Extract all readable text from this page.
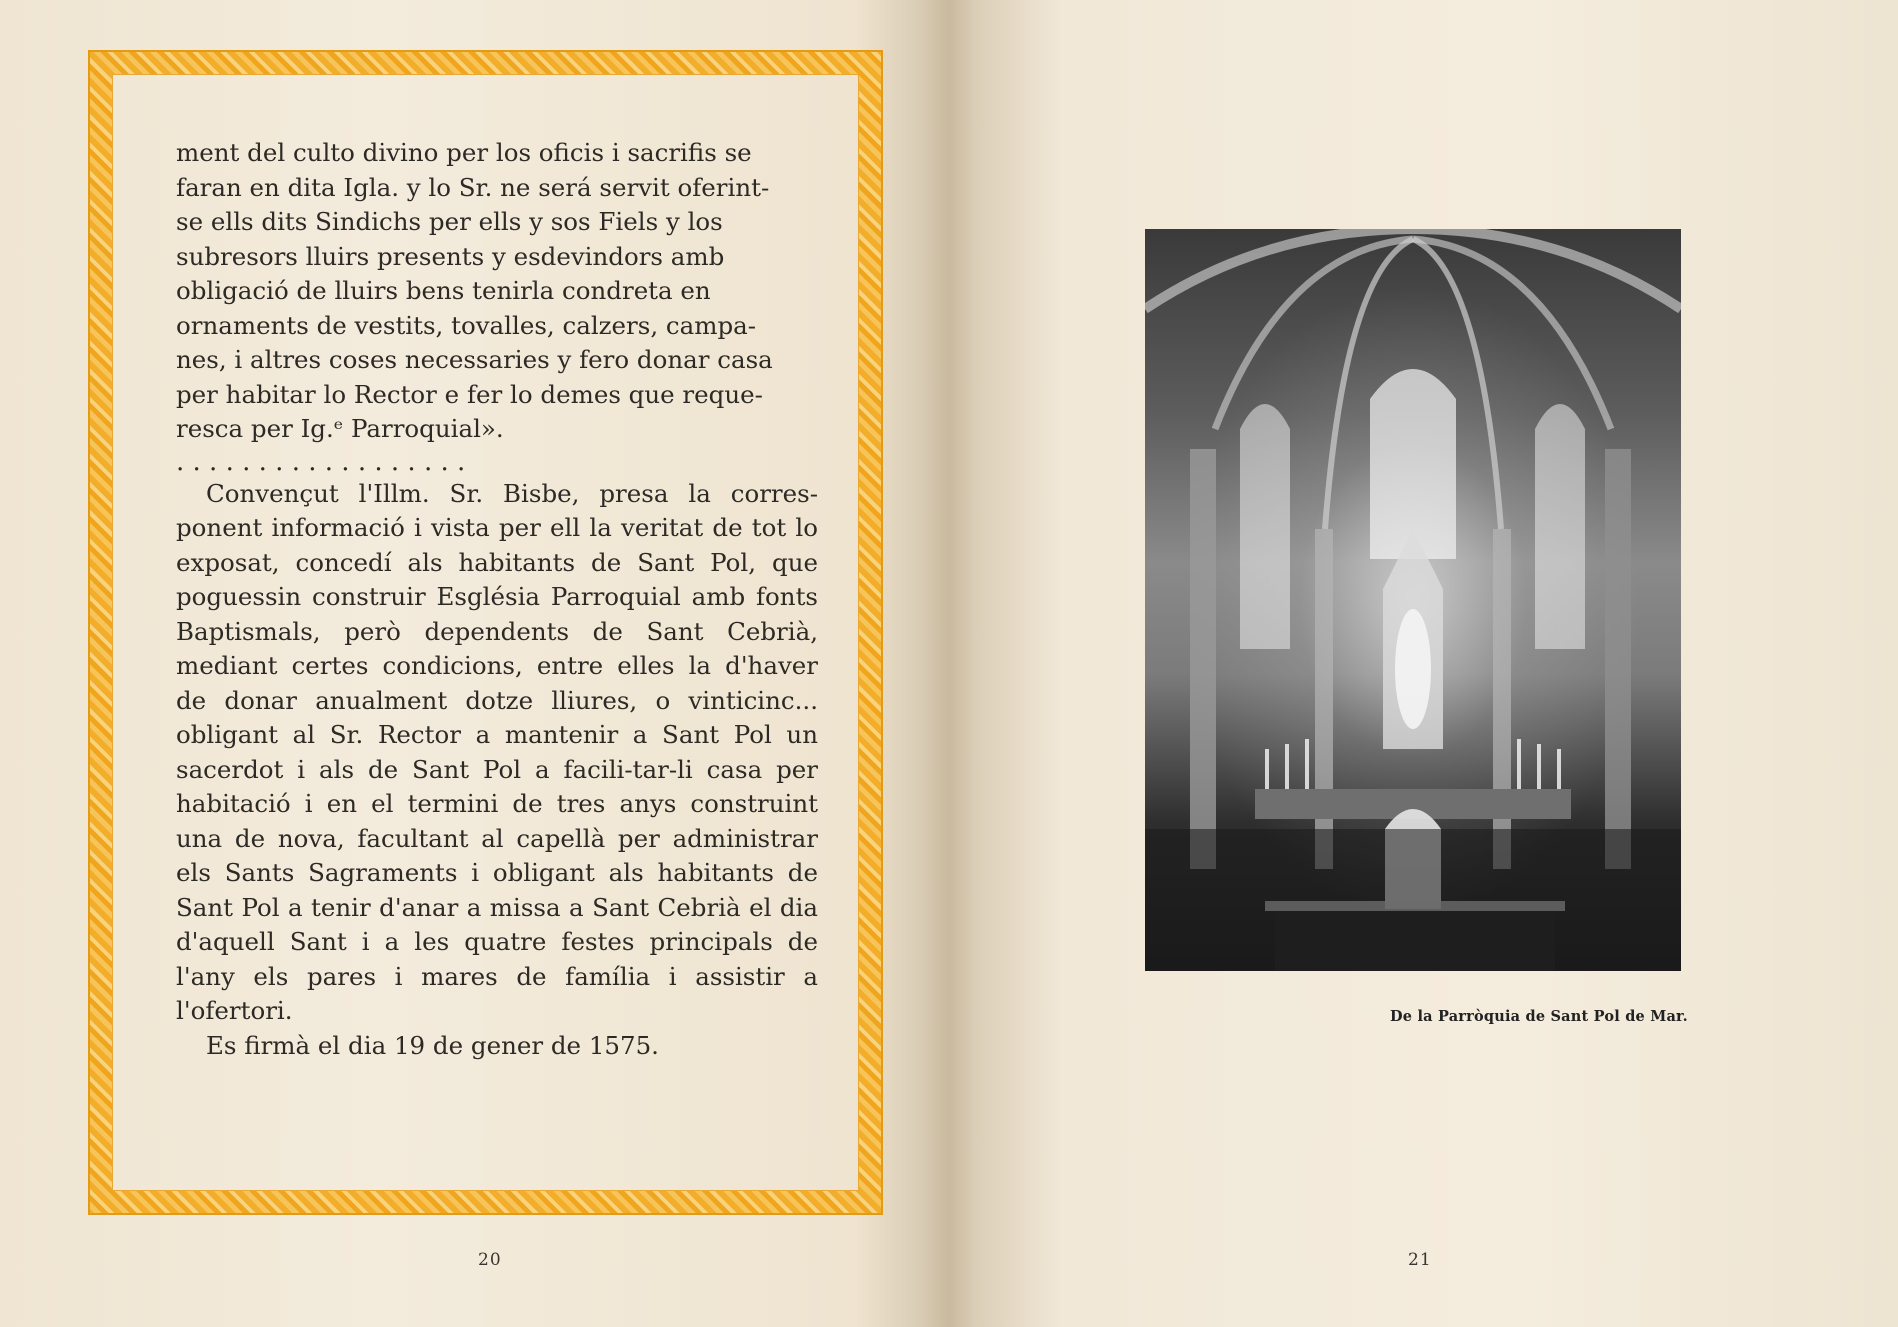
ment del culto divino per los oficis i sacrifis se

faran en dita Igla. y lo Sr. ne será servit oferint-

se ells dits Sindichs per ells y sos Fiels y los

subresors lluirs presents y esdevindors amb

obligació de lluirs bens tenirla condreta en

ornaments de vestits, tovalles, calzers, campa-

nes, i altres coses necessaries y fero donar casa

per habitar lo Rector e fer lo demes que reque-

resca per Ig.ᵉ Parroquial».

. . . . . . . . . . . . . . . . . .

Convençut l'Illm. Sr. Bisbe, presa la corres-ponent informació i vista per ell la veritat de tot lo exposat, concedí als habitants de Sant Pol, que poguessin construir Església Parroquial amb fonts Baptismals, però dependents de Sant Cebrià, mediant certes condicions, entre elles la d'haver de donar anualment dotze lliures, o vinticinc... obligant al Sr. Rector a mantenir a Sant Pol un sacerdot i als de Sant Pol a facili-tar-li casa per habitació i en el termini de tres anys construint una de nova, facultant al capellà per administrar els Sants Sagraments i obligant als habitants de Sant Pol a tenir d'anar a missa a Sant Cebrià el dia d'aquell Sant i a les quatre festes principals de l'any els pares i mares de família i assistir a l'ofertori.

Es firmà el dia 19 de gener de 1575.

20
De la Parròquia de Sant Pol de Mar.
21
